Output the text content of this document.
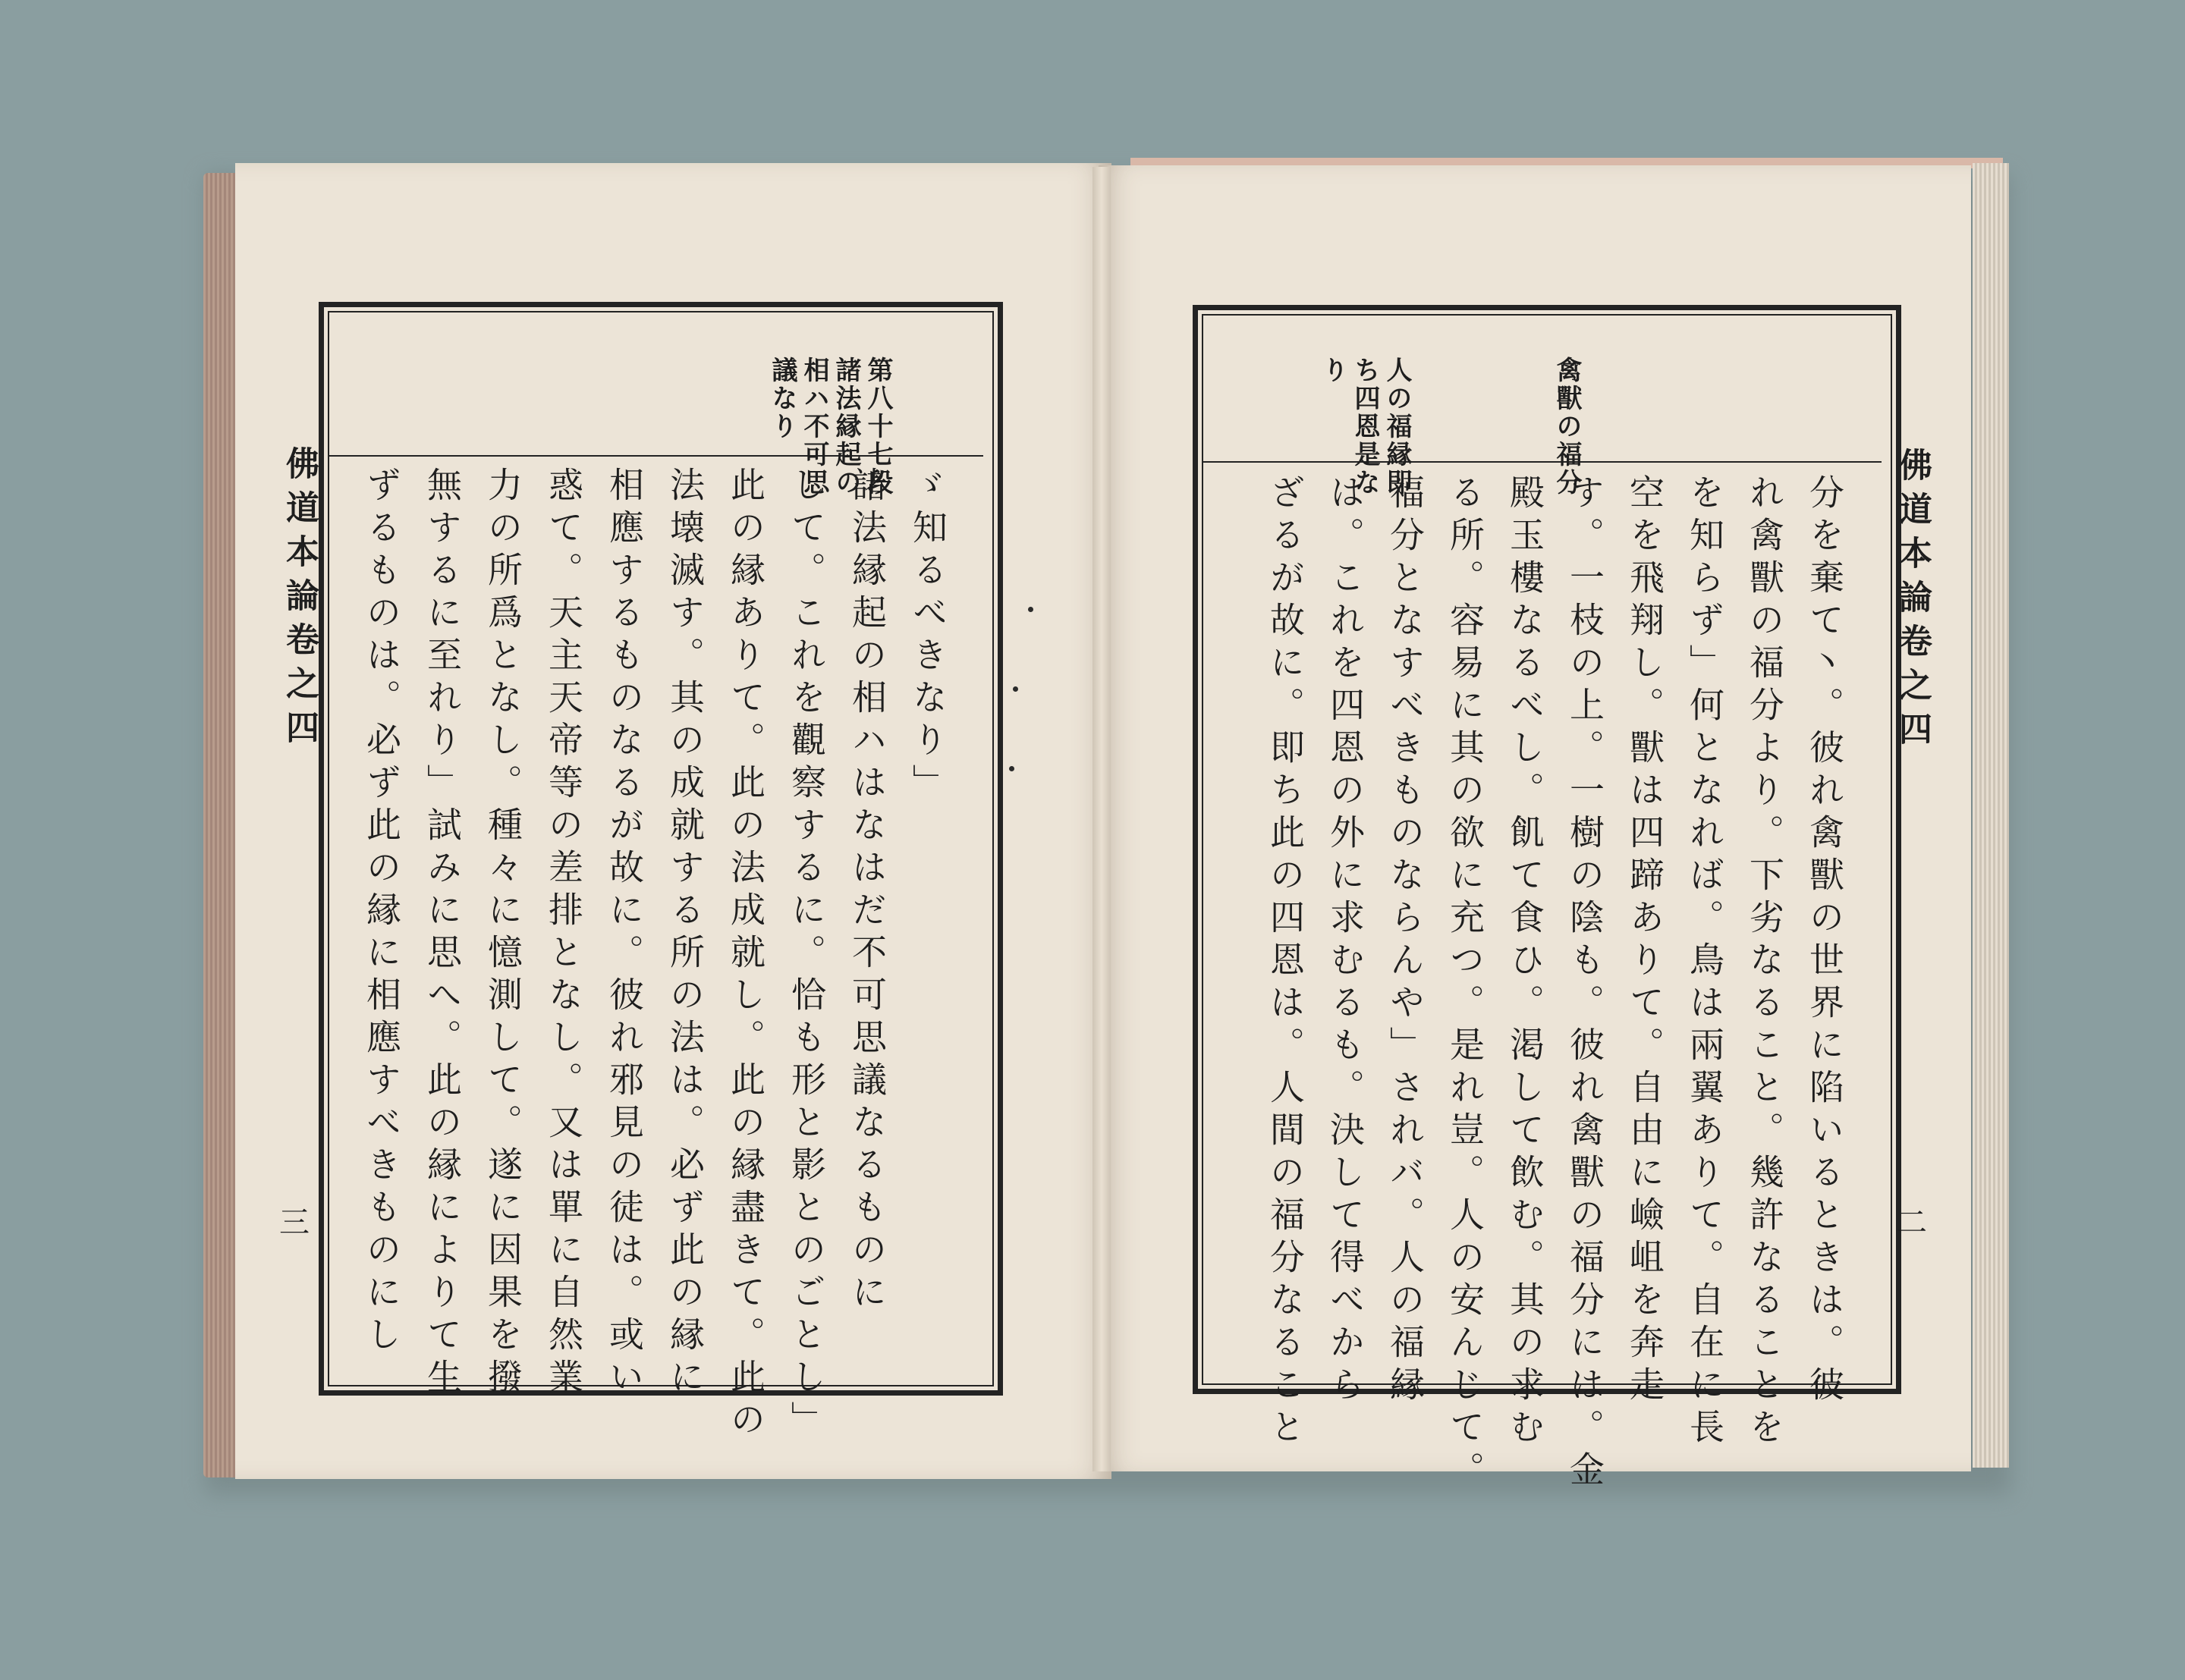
佛道本論卷之四
三
第八十七段
諸法縁起の
相ハ不可思
議なり
ゞ知るべきなり」
諸法縁起の相ハはなはだ不可思議なるものに
して。これを觀察するに。恰も形と影とのごとし」
此の縁ありて。此の法成就し。此の縁盡きて。此の
法壊滅す。其の成就する所の法は。必ず此の縁に
相應するものなるが故に。彼れ邪見の徒は。或い
惑て。天主天帝等の差排となし。又は單に自然業
力の所爲となし。種々に憶測して。遂に因果を撥
無するに至れり」試みに思へ。此の縁によりて生
ずるものは。必ず此の縁に相應すべきものにし	佛道本論卷之四
二
禽獸の福分
人の福縁即
ち四恩是な
り
分を棄て丶。彼れ禽獸の世界に陷いるときは。彼
れ禽獸の福分より。下劣なること。幾許なることを
を知らず」何となれば。鳥は兩翼ありて。自在に長
空を飛翔し。獸は四蹄ありて。自由に嶮岨を奔走
す。一枝の上。一樹の陰も。彼れ禽獸の福分には。金
殿玉樓なるべし。飢て食ひ。渇して飲む。其の求む
る所。容易に其の欲に充つ。是れ豈。人の安んじて。
福分となすべきものならんや」されバ。人の福縁
は。これを四恩の外に求むるも。決して得べから
ざるが故に。即ち此の四恩は。人間の福分なること
